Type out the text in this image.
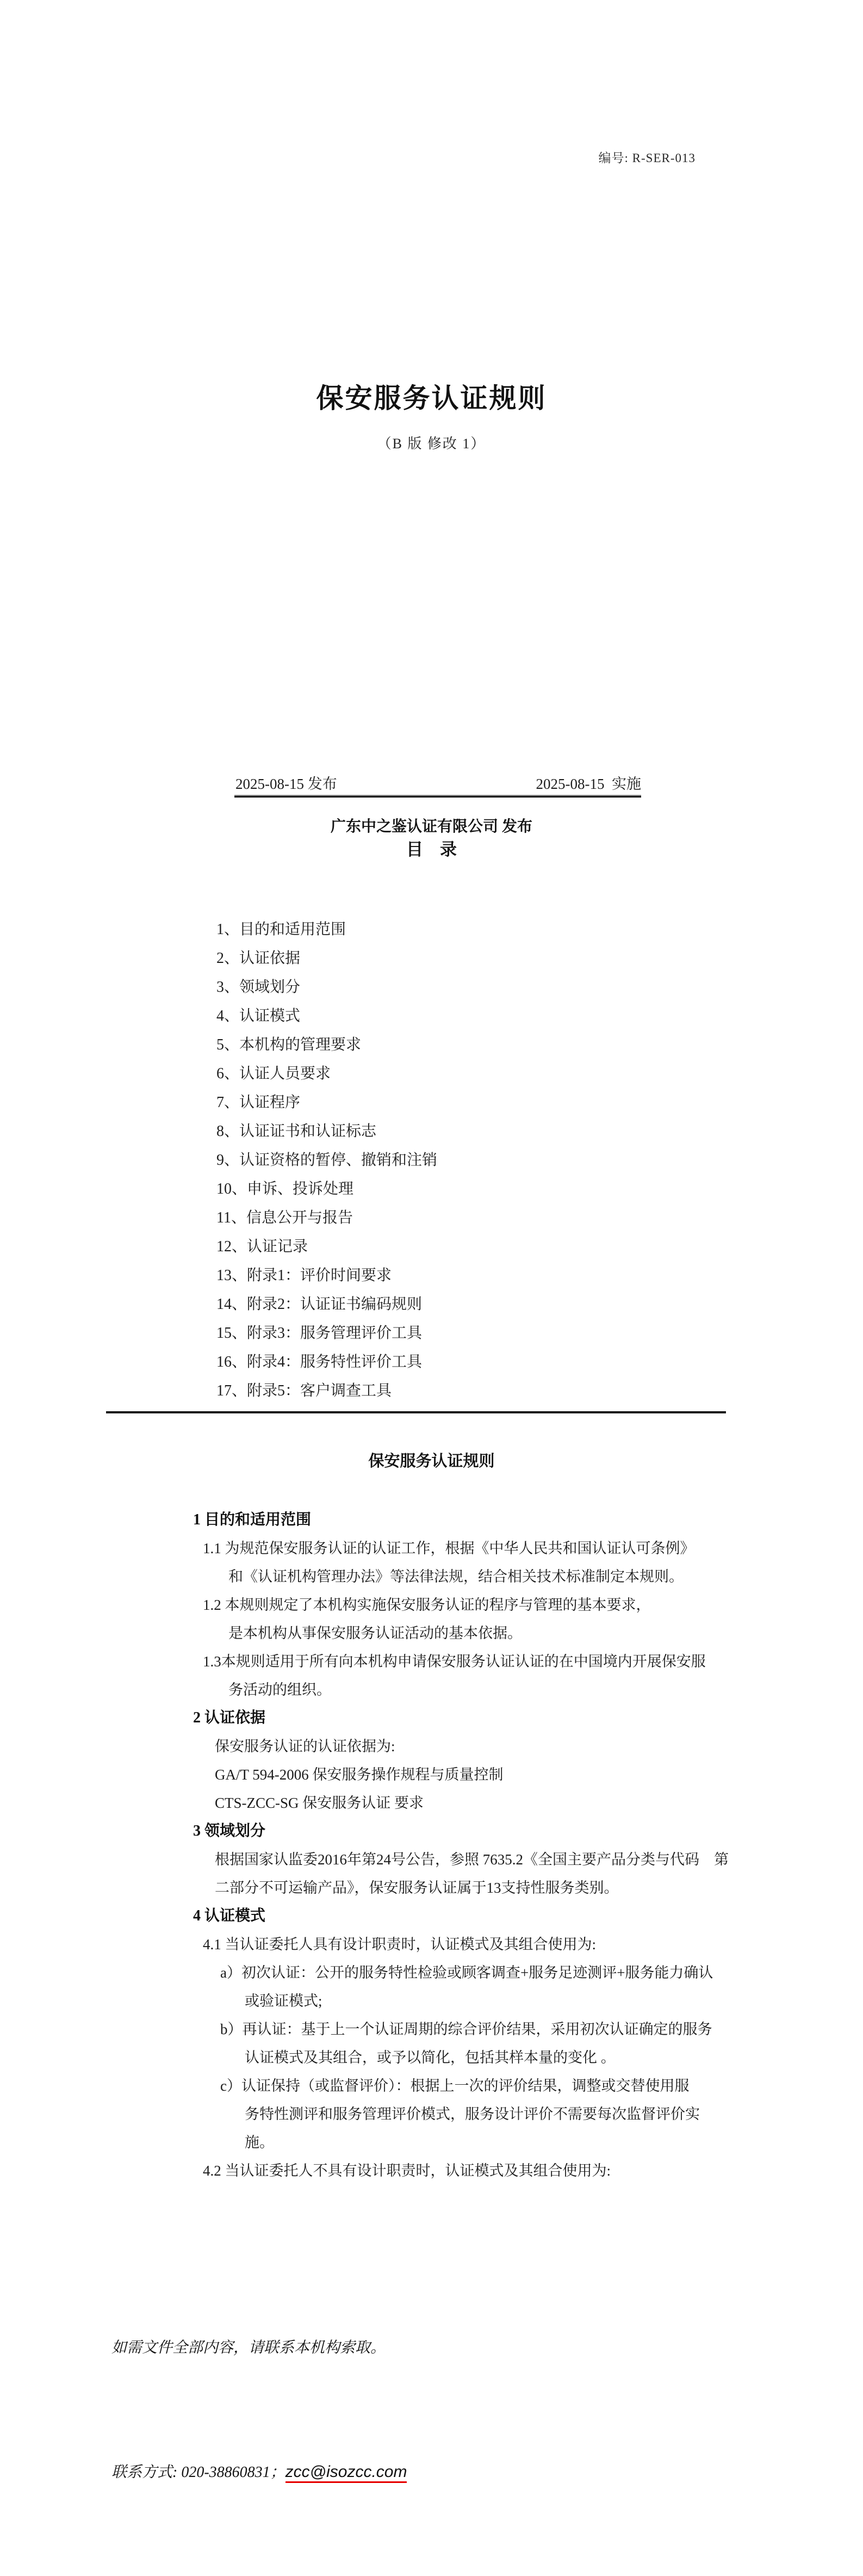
编号: R-SER-013
保安服务认证规则
（B 版 修改 1）
2025-08-15 发布	2025-08-15  实施
广东中之鉴认证有限公司 发布
目　录
1、目的和适用范围
2、认证依据
3、领域划分
4、认证模式
5、本机构的管理要求
6、认证人员要求
7、认证程序
8、认证证书和认证标志
9、认证资格的暂停、撤销和注销
10、申诉、投诉处理
11、信息公开与报告
12、认证记录
13、附录1：评价时间要求
14、附录2：认证证书编码规则
15、附录3：服务管理评价工具
16、附录4：服务特性评价工具
17、附录5：客户调查工具
保安服务认证规则
1 目的和适用范围
1.1 为规范保安服务认证的认证工作，根据《中华人民共和国认证认可条例》
和《认证机构管理办法》等法律法规，结合相关技术标准制定本规则。
1.2 本规则规定了本机构实施保安服务认证的程序与管理的基本要求，
是本机构从事保安服务认证活动的基本依据。
1.3本规则适用于所有向本机构申请保安服务认证认证的在中国境内开展保安服
务活动的组织。
2 认证依据
保安服务认证的认证依据为:
GA/T 594-2006 保安服务操作规程与质量控制
CTS-ZCC-SG 保安服务认证 要求
3 领域划分
根据国家认监委2016年第24号公告，参照 7635.2《全国主要产品分类与代码　第
二部分不可运输产品》，保安服务认证属于13支持性服务类别。
4 认证模式
4.1 当认证委托人具有设计职责时，认证模式及其组合使用为:
a）初次认证：公开的服务特性检验或顾客调查+服务足迹测评+服务能力确认
或验证模式;
b）再认证：基于上一个认证周期的综合评价结果，采用初次认证确定的服务
认证模式及其组合，或予以简化，包括其样本量的变化 。
c）认证保持（或监督评价）：根据上一次的评价结果，调整或交替使用服
务特性测评和服务管理评价模式，服务设计评价不需要每次监督评价实
施。
4.2 当认证委托人不具有设计职责时，认证模式及其组合使用为:

如需文件全部内容，请联系本机构索取。

联系方式: 020-38860831；zcc@isozcc.com
